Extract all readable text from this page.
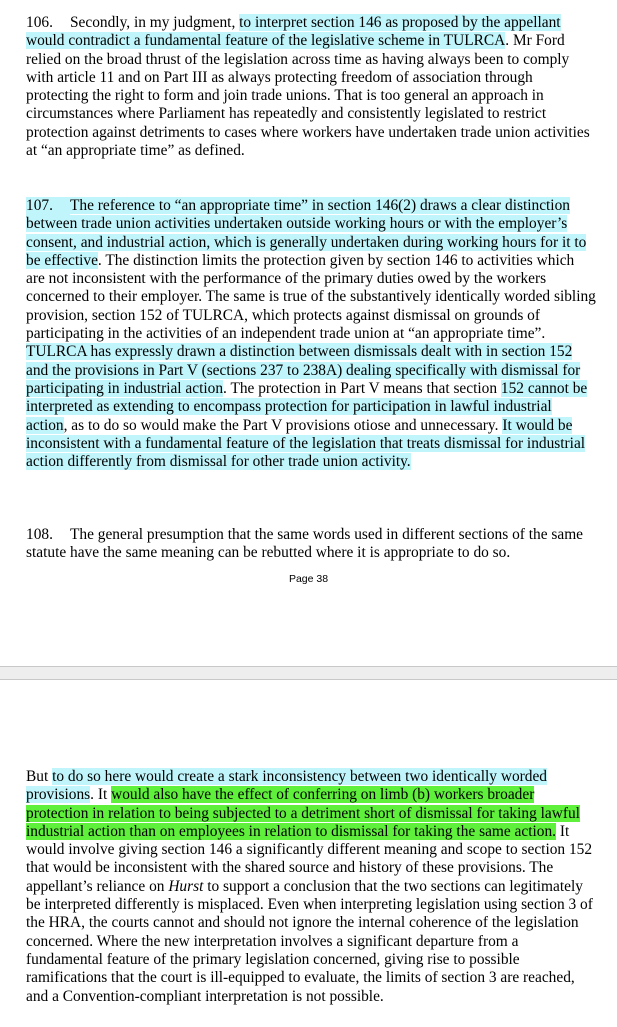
106. Secondly, in my judgment, to interpret section 146 as proposed by the appellant would contradict a fundamental feature of the legislative scheme in TULRCA. Mr Ford relied on the broad thrust of the legislation across time as having always been to comply with article 11 and on Part III as always protecting freedom of association through protecting the right to form and join trade unions. That is too general an approach in circumstances where Parliament has repeatedly and consistently legislated to restrict protection against detriments to cases where workers have undertaken trade union activities at “an appropriate time” as defined.

107. The reference to “an appropriate time” in section 146(2) draws a clear distinction between trade union activities undertaken outside working hours or with the employer’s consent, and industrial action, which is generally undertaken during working hours for it to be effective. The distinction limits the protection given by section 146 to activities which are not inconsistent with the performance of the primary duties owed by the workers concerned to their employer. The same is true of the substantively identically worded sibling provision, section 152 of TULRCA, which protects against dismissal on grounds of participating in the activities of an independent trade union at “an appropriate time”. TULRCA has expressly drawn a distinction between dismissals dealt with in section 152 and the provisions in Part V (sections 237 to 238A) dealing specifically with dismissal for participating in industrial action. The protection in Part V means that section 152 cannot be interpreted as extending to encompass protection for participation in lawful industrial action, as to do so would make the Part V provisions otiose and unnecessary. It would be inconsistent with a fundamental feature of the legislation that treats dismissal for industrial action differently from dismissal for other trade union activity.

108. The general presumption that the same words used in different sections of the same statute have the same meaning can be rebutted where it is appropriate to do so.

Page 38

But to do so here would create a stark inconsistency between two identically worded provisions. It would also have the effect of conferring on limb (b) workers broader protection in relation to being subjected to a detriment short of dismissal for taking lawful industrial action than on employees in relation to dismissal for taking the same action. It would involve giving section 146 a significantly different meaning and scope to section 152 that would be inconsistent with the shared source and history of these provisions. The appellant’s reliance on Hurst to support a conclusion that the two sections can legitimately be interpreted differently is misplaced. Even when interpreting legislation using section 3 of the HRA, the courts cannot and should not ignore the internal coherence of the legislation concerned. Where the new interpretation involves a significant departure from a fundamental feature of the primary legislation concerned, giving rise to possible ramifications that the court is ill-equipped to evaluate, the limits of section 3 are reached, and a Convention-compliant interpretation is not possible.
